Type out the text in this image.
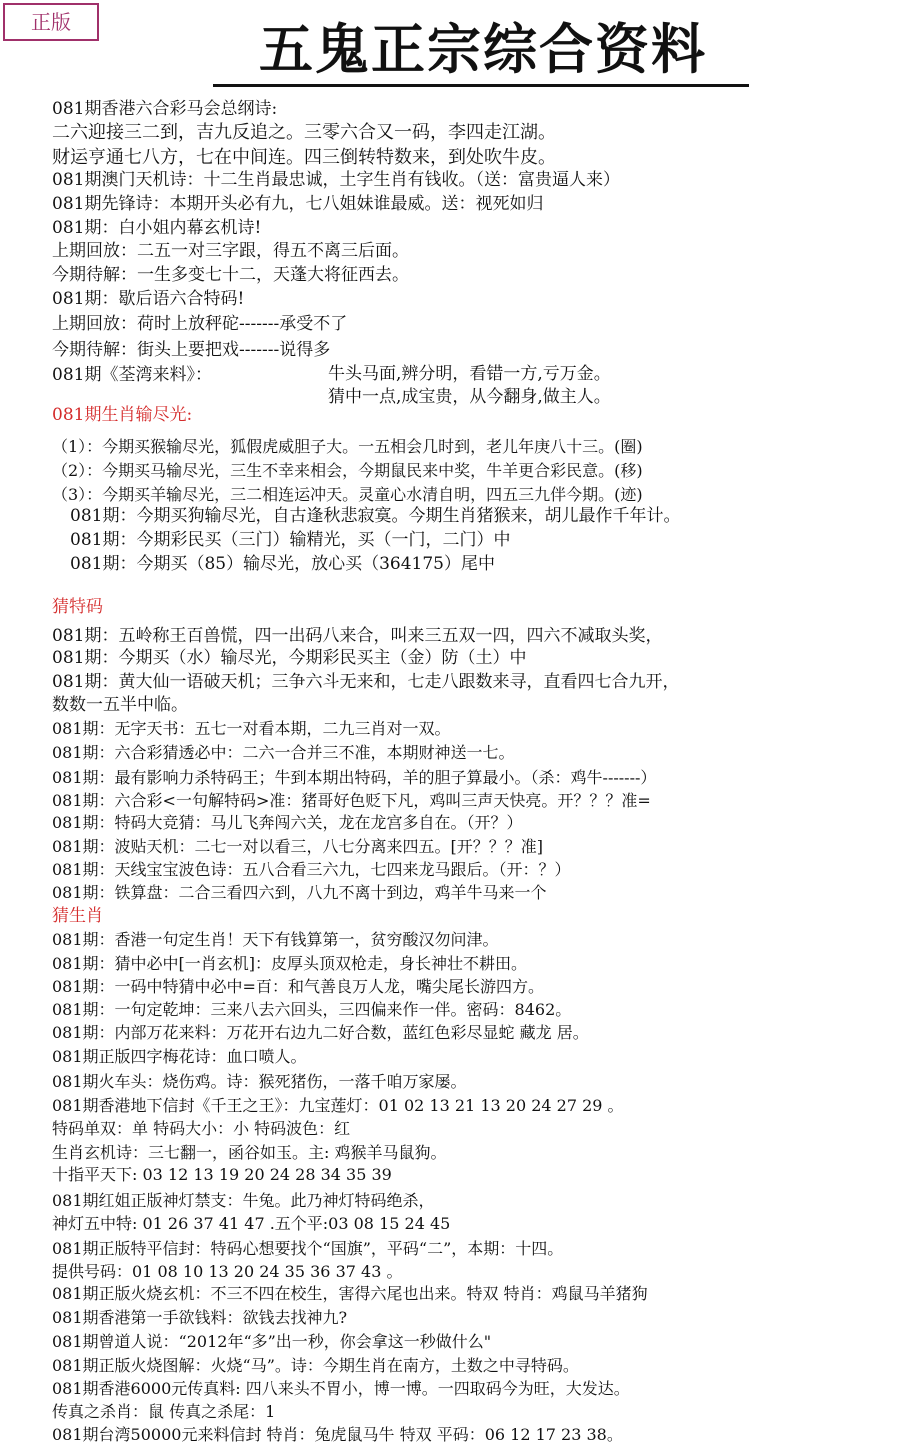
正版	五鬼正宗综合资料
081期香港六合彩马会总纲诗:
二六迎接三二到，吉九反追之。三零六合又一码，李四走江湖。
财运亨通七八方，七在中间连。四三倒转特数来，到处吹牛皮。
081期澳门天机诗：十二生肖最忠诚，土字生肖有钱收。（送：富贵逼人来）
081期先锋诗：本期开头必有九，七八姐妹谁最威。送：视死如归
081期：白小姐内幕玄机诗!
上期回放：二五一对三字跟，得五不离三后面。
今期待解：一生多变七十二，天蓬大将征西去。
081期：歇后语六合特码!
上期回放：荷时上放秤砣-------承受不了
今期待解：街头上要把戏-------说得多
081期《荃湾来料》：	牛头马面,辨分明，看错一方,亏万金。
猜中一点,成宝贵，从今翻身,做主人。
081期生肖输尽光:
（1）：今期买猴输尽光，狐假虎威胆子大。一五相会几时到，老儿年庚八十三。(圈)
（2）：今期买马输尽光，三生不幸来相会，今期鼠民来中奖，牛羊更合彩民意。(移)
（3）：今期买羊输尽光，三二相连运冲天。灵童心水清自明，四五三九伴今期。(迹)
081期：今期买狗输尽光，自古逢秋悲寂寞。今期生肖猪猴来，胡儿最作千年计。
081期：今期彩民买（三门）输精光，买（一门，二门）中
081期：今期买（85）输尽光，放心买（364175）尾中
猜特码
081期：五岭称王百兽慌，四一出码八来合，叫来三五双一四，四六不减取头奖，
081期：今期买（水）输尽光，今期彩民买主（金）防（土）中
081期：黄大仙一语破天机；三争六斗无来和，七走八跟数来寻，直看四七合九开，
数数一五半中临。
081期：无字天书：五七一对看本期，二九三肖对一双。
081期：六合彩猜透必中：二六一合并三不准，本期财神送一七。
081期：最有影响力杀特码王；牛到本期出特码，羊的胆子算最小。（杀：鸡牛-------）
081期：六合彩<一句解特码>准：猪哥好色贬下凡，鸡叫三声天快亮。开？？？准=
081期：特码大竞猜：马儿飞奔闯六关，龙在龙宫多自在。（开？）
081期：波贴天机：二七一对以看三，八七分离来四五。[开？？？准]
081期：天线宝宝波色诗：五八合看三六九，七四来龙马跟后。（开：？）
081期：铁算盘：二合三看四六到，八九不离十到边，鸡羊牛马来一个
猜生肖
081期：香港一句定生肖！天下有钱算第一，贫穷酸汉勿问津。
081期：猜中必中[一肖玄机]：皮厚头顶双枪走，身长神壮不耕田。
081期：一码中特猜中必中=百：和气善良万人龙，嘴尖尾长游四方。
081期：一句定乾坤：三来八去六回头，三四偏来作一伴。密码：8462。
081期：内部万花来料：万花开右边九二好合数，蓝红色彩尽显蛇 藏龙 居。
081期正版四字梅花诗：血口喷人。
081期火车头：烧伤鸡。诗：猴死猪伤，一落千咱万家屡。
081期香港地下信封《千王之王》：九宝莲灯：01 02 13 21 13 20 24 27 29 。
特码单双：单 特码大小：小 特码波色：红
生肖玄机诗：三七翻一，函谷如玉。主: 鸡猴羊马鼠狗。
十指平天下: 03 12 13 19 20 24 28 34 35 39
081期红姐正版神灯禁支：牛兔。此乃神灯特码绝杀，
神灯五中特: 01 26 37 41 47 .五个平:03 08 15 24 45
081期正版特平信封：特码心想要找个“国旗”，平码“二”，本期：十四。
提供号码：01 08 10 13 20 24 35 36 37 43 。
081期正版火烧玄机：不三不四在校生，害得六尾也出来。特双 特肖：鸡鼠马羊猪狗
081期香港第一手欲钱料：欲钱去找神九?
081期曾道人说：“2012年“多”出一秒，你会拿这一秒做什么"
081期正版火烧图解：火烧“马”。诗：今期生肖在南方，土数之中寻特码。
081期香港6000元传真料: 四八来头不胃小，博一博。一四取码今为旺，大发达。
传真之杀肖：鼠 传真之杀尾：1
081期台湾50000元来料信封 特肖：兔虎鼠马牛 特双 平码：06 12 17 23 38。
